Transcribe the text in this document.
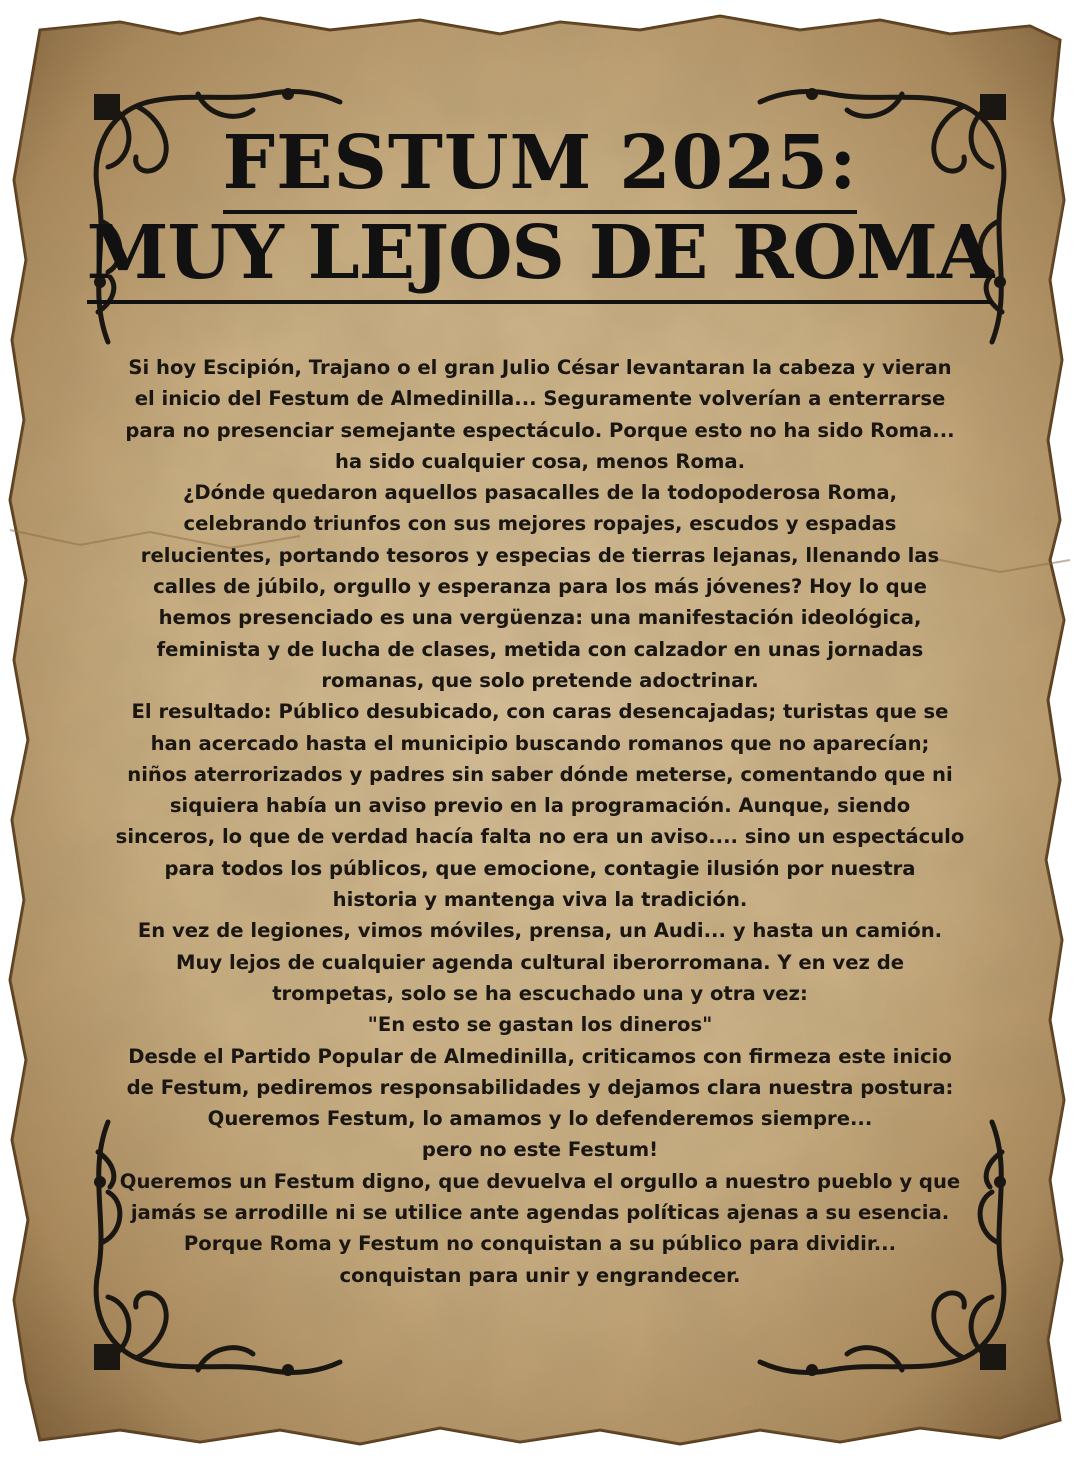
FESTUM 2025:
MUY LEJOS DE ROMA
Si hoy Escipión, Trajano o el gran Julio César levantaran la cabeza y vieran
el inicio del Festum de Almedinilla... Seguramente volverían a enterrarse
para no presenciar semejante espectáculo. Porque esto no ha sido Roma...
ha sido cualquier cosa, menos Roma.
¿Dónde quedaron aquellos pasacalles de la todopoderosa Roma,
celebrando triunfos con sus mejores ropajes, escudos y espadas
relucientes, portando tesoros y especias de tierras lejanas, llenando las
calles de júbilo, orgullo y esperanza para los más jóvenes? Hoy lo que
hemos presenciado es una vergüenza: una manifestación ideológica,
feminista y de lucha de clases, metida con calzador en unas jornadas
romanas, que solo pretende adoctrinar.
El resultado: Público desubicado, con caras desencajadas; turistas que se
han acercado hasta el municipio buscando romanos que no aparecían;
niños aterrorizados y padres sin saber dónde meterse, comentando que ni
siquiera había un aviso previo en la programación. Aunque, siendo
sinceros, lo que de verdad hacía falta no era un aviso.... sino un espectáculo
para todos los públicos, que emocione, contagie ilusión por nuestra
historia y mantenga viva la tradición.
En vez de legiones, vimos móviles, prensa, un Audi... y hasta un camión.
Muy lejos de cualquier agenda cultural iberorromana. Y en vez de
trompetas, solo se ha escuchado una y otra vez:
"En esto se gastan los dineros"
Desde el Partido Popular de Almedinilla, criticamos con firmeza este inicio
de Festum, pediremos responsabilidades y dejamos clara nuestra postura:
Queremos Festum, lo amamos y lo defenderemos siempre...
pero no este Festum!
Queremos un Festum digno, que devuelva el orgullo a nuestro pueblo y que
jamás se arrodille ni se utilice ante agendas políticas ajenas a su esencia.
Porque Roma y Festum no conquistan a su público para dividir...
conquistan para unir y engrandecer.
